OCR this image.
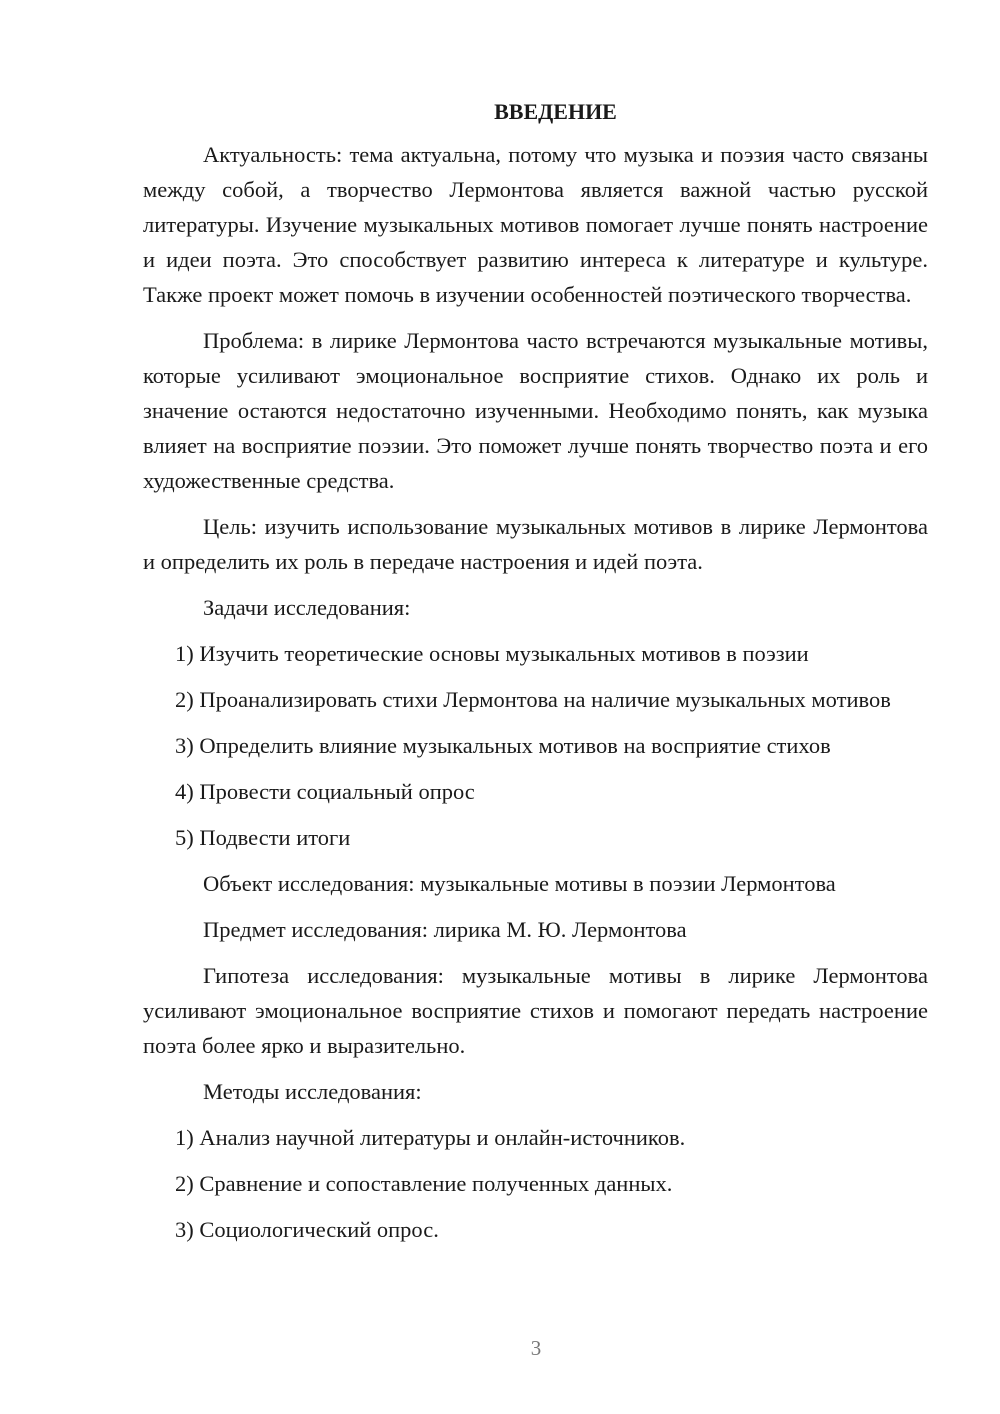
ВВЕДЕНИЕ

Актуальность: тема актуальна, потому что музыка и поэзия часто связаны между собой, а творчество Лермонтова является важной частью русской литературы. Изучение музыкальных мотивов помогает лучше понять настроение и идеи поэта. Это способствует развитию интереса к литературе и культуре. Также проект может помочь в изучении особенностей поэтического творчества.

Проблема: в лирике Лермонтова часто встречаются музыкальные мотивы, которые усиливают эмоциональное восприятие стихов. Однако их роль и значение остаются недостаточно изученными. Необходимо понять, как музыка влияет на восприятие поэзии. Это поможет лучше понять творчество поэта и его художественные средства.

Цель: изучить использование музыкальных мотивов в лирике Лермонтова и определить их роль в передаче настроения и идей поэта.

Задачи исследования:

1) Изучить теоретические основы музыкальных мотивов в поэзии

2) Проанализировать стихи Лермонтова на наличие музыкальных мотивов

3) Определить влияние музыкальных мотивов на восприятие стихов

4) Провести социальный опрос

5) Подвести итоги

Объект исследования: музыкальные мотивы в поэзии Лермонтова

Предмет исследования: лирика М. Ю. Лермонтова

Гипотеза исследования: музыкальные мотивы в лирике Лермонтова усиливают эмоциональное восприятие стихов и помогают передать настроение поэта более ярко и выразительно.

Методы исследования:

1) Анализ научной литературы и онлайн-источников.

2) Сравнение и сопоставление полученных данных.

3) Социологический опрос.

3
